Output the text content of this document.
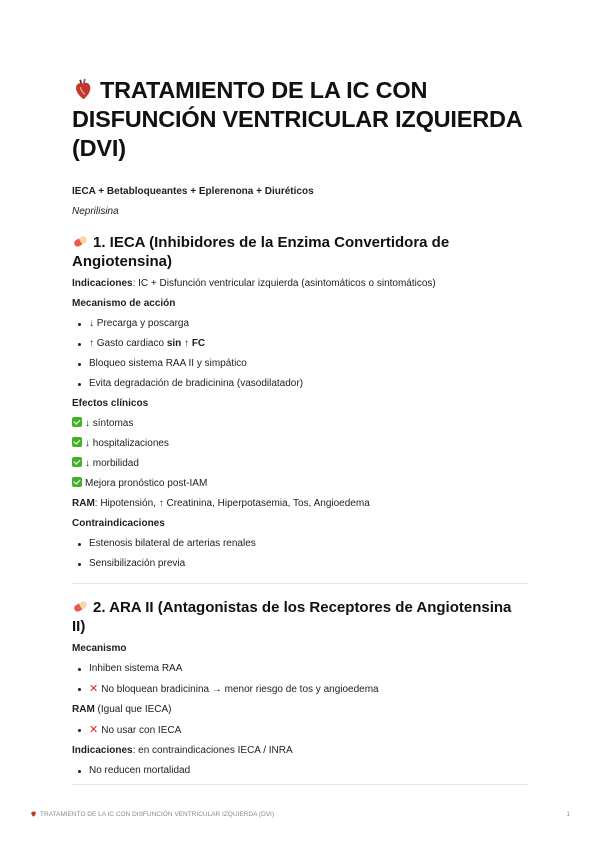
TRATAMIENTO DE LA IC CON DISFUNCIÓN VENTRICULAR IZQUIERDA (DVI)
IECA + Betabloqueantes + Eplerenona + Diuréticos
Neprilisina
1. IECA (Inhibidores de la Enzima Convertidora de Angiotensina)
Indicaciones: IC + Disfunción ventricular izquierda (asintomáticos o sintomáticos)
Mecanismo de acción
↓ Precarga y poscarga
↑ Gasto cardiaco sin ↑ FC
Bloqueo sistema RAA II y simpático
Evita degradación de bradicinina (vasodilatador)
Efectos clínicos
↓ síntomas
↓ hospitalizaciones
↓ morbilidad
Mejora pronóstico post-IAM
RAM: Hipotensión, ↑ Creatinina, Hiperpotasemia, Tos, Angioedema
Contraindicaciones
Estenosis bilateral de arterias renales
Sensibilización previa
2. ARA II (Antagonistas de los Receptores de Angiotensina II)
Mecanismo
Inhiben sistema RAA
✕ No bloquean bradicinina → menor riesgo de tos y angioedema
RAM (Igual que IECA)
✕ No usar con IECA
Indicaciones: en contraindicaciones IECA / INRA
No reducen mortalidad
TRATAMIENTO DE LA IC CON DISFUNCIÓN VENTRICULAR IZQUIERDA (DVI)	1
